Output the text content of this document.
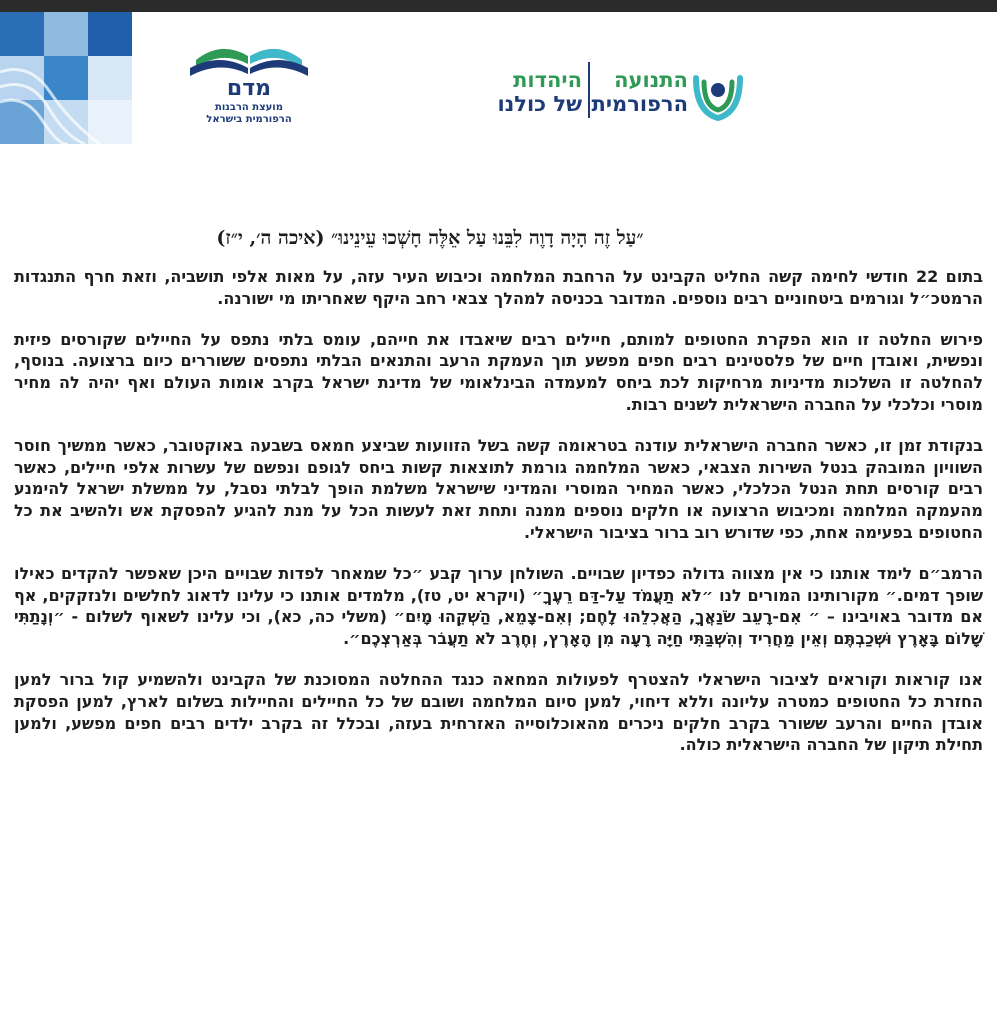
מדם
מועצת הרבנות
הרפורמית בישראל
היהדות
של כולנו
התנועה
הרפורמית
״עַל זֶה הָיָה דָוֶה לִבֵּנוּ עַל אֵלֶּה חָשְׁכוּ עֵינֵינוּ״ (איכה ה׳, י״ז)

בתום 22 חודשי לחימה קשה החליט הקבינט על הרחבת המלחמה וכיבוש העיר עזה, על מאות אלפי תושביה, וזאת חרף התנגדות הרמטכ״ל וגורמים ביטחוניים רבים נוספים. המדובר בכניסה למהלך צבאי רחב היקף שאחריתו מי ישורנה.

פירוש החלטה זו הוא הפקרת החטופים למותם, חיילים רבים שיאבדו את חייהם, עומס בלתי נתפס על החיילים שקורסים פיזית ונפשית, ואובדן חיים של פלסטינים רבים חפים מפשע תוך העמקת הרעב והתנאים הבלתי נתפסים ששוררים כיום ברצועה. בנוסף, להחלטה זו השלכות מדיניות מרחיקות לכת ביחס למעמדה הבינלאומי של מדינת ישראל בקרב אומות העולם ואף יהיה לה מחיר מוסרי וכלכלי על החברה הישראלית לשנים רבות.

בנקודת זמן זו, כאשר החברה הישראלית עודנה בטראומה קשה בשל הזוועות שביצע חמאס בשבעה באוקטובר, כאשר ממשיך חוסר השוויון המובהק בנטל השירות הצבאי, כאשר המלחמה גורמת לתוצאות קשות ביחס לגופם ונפשם של עשרות אלפי חיילים, כאשר רבים קורסים תחת הנטל הכלכלי, כאשר המחיר המוסרי והמדיני שישראל משלמת הופך לבלתי נסבל, על ממשלת ישראל להימנע מהעמקה המלחמה ומכיבוש הרצועה או חלקים נוספים ממנה ותחת זאת לעשות הכל על מנת להגיע להפסקת אש ולהשיב את כל החטופים בפעימה אחת, כפי שדורש רוב ברור בציבור הישראלי.

הרמב״ם לימד אותנו כי אין מצווה גדולה כפדיון שבויים. השולחן ערוך קבע ״כל שמאחר לפדות שבויים היכן שאפשר להקדים כאילו שופך דמים.״ מקורותינו המורים לנו ״לֹא תַעֲמֹד עַל-דַּם רֵעֶךָ״ (ויקרא יט, טז), מלמדים אותנו כי עלינו לדאוג לחלשים ולנזקקים, אף אם מדובר באויבינו – ״ אִם-רָעֵב שֹׂנַאֲךָ, הַאֲכִלֵהוּ לָחֶם; וְאִם-צָמֵא, הַשְׁקֵהוּ מָיִם״ (משלי כה, כא), וכי עלינו לשאוף לשלום - ״וְנָתַתִּי שָׁלוֹם בָּאָרֶץ וּשְׁכַבְתֶּם וְאֵין מַחֲרִיד וְהִשְׁבַּתִּי חַיָּה רָעָה מִן הָאָרֶץ, וְחֶרֶב לֹא תַעֲבֹר בְּאַרְצְכֶם״.

אנו קוראות וקוראים לציבור הישראלי להצטרף לפעולות המחאה כנגד ההחלטה המסוכנת של הקבינט ולהשמיע קול ברור למען החזרת כל החטופים כמטרה עליונה וללא דיחוי, למען סיום המלחמה ושובם של כל החיילים והחיילות בשלום לארץ, למען הפסקת אובדן החיים והרעב ששורר בקרב חלקים ניכרים מהאוכלוסייה האזרחית בעזה, ובכלל זה בקרב ילדים רבים חפים מפשע, ולמען תחילת תיקון של החברה הישראלית כולה.
